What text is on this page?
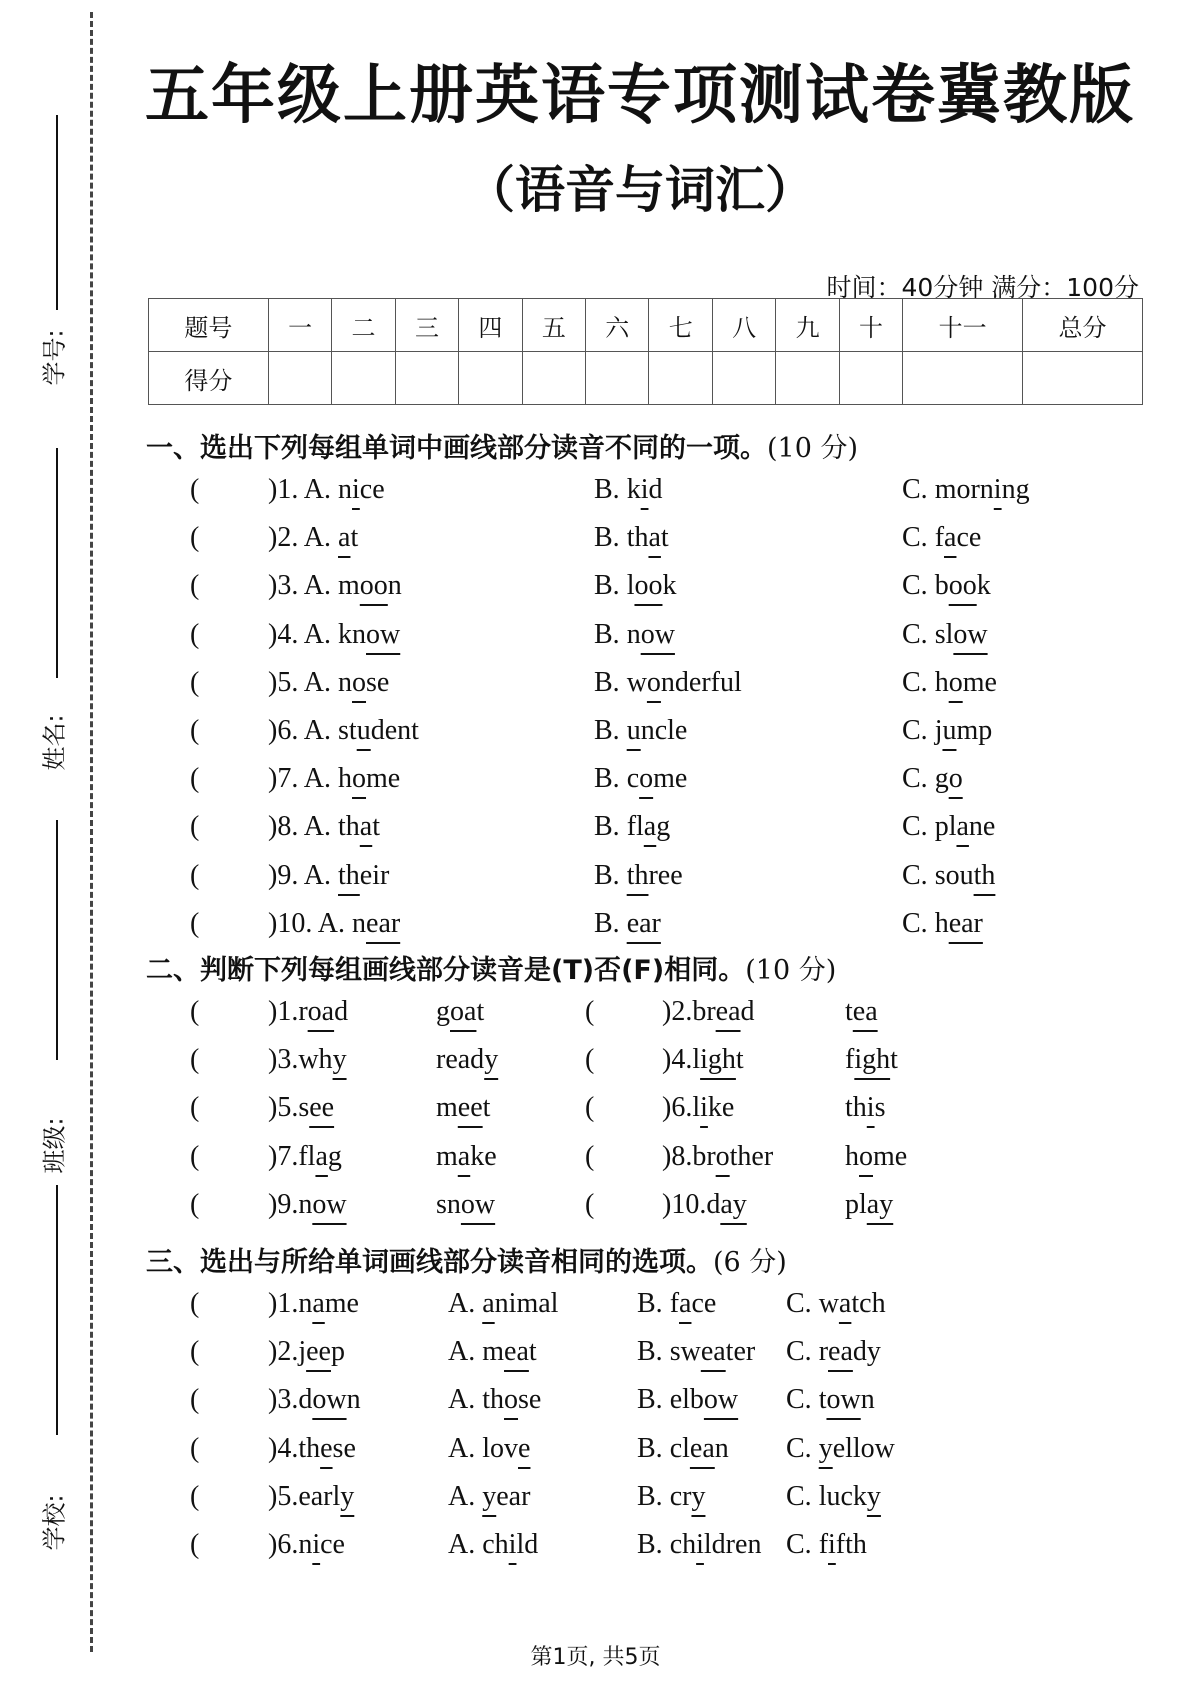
学号:
姓名:
班级:
学校:
五年级上册英语专项测试卷冀教版
（语音与词汇）
时间：40分钟 满分：100分
题号	一	二	三	四	五	六	七	八	九	十	十一	总分
得分												
一、选出下列每组单词中画线部分读音不同的一项。(10 分)
( )1. A. nice	B. kid	C. morning
( )2. A. at	B. that	C. face
( )3. A. moon	B. look	C. book
( )4. A. know	B. now	C. slow
( )5. A. nose	B. wonderful	C. home
( )6. A. student	B. uncle	C. jump
( )7. A. home	B. come	C. go
( )8. A. that	B. flag	C. plane
( )9. A. their	B. three	C. south
( )10. A. near	B. ear	C. hear
二、判断下列每组画线部分读音是(T)否(F)相同。(10 分)
( )1.road	goat	( )2.bread	tea
( )3.why	ready	( )4.light	fight
( )5.see	meet	( )6.like	this
( )7.flag	make	( )8.brother	home
( )9.now	snow	( )10.day	play
三、选出与所给单词画线部分读音相同的选项。(6 分)
( )1.name	A. animal	B. face C. watch
( )2.jeep	A. meat	B. sweater C. ready
( )3.down	A. those	B. elbow C. town
( )4.these	A. love	B. clean C. yellow
( )5.early	A. year	B. cry	C. lucky
( )6.nice	A. child	B. children C. fifth
第1页, 共5页
